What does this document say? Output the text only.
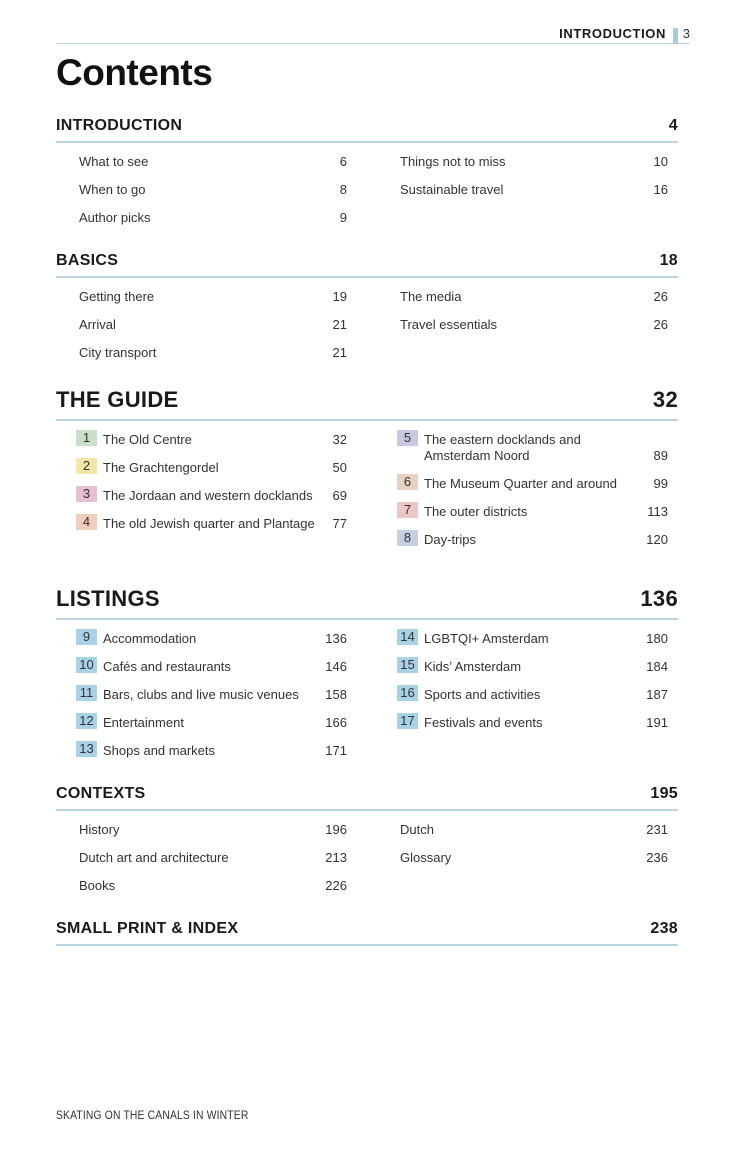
INTRODUCTION 3
Contents
INTRODUCTION	4
What to see	6
When to go	8
Author picks	9
Things not to miss	10
Sustainable travel	16
BASICS	18
Getting there	19
Arrival	21
City transport	21
The media	26
Travel essentials	26
THE GUIDE	32
1 The Old Centre	32
2 The Grachtengordel	50
3 The Jordaan and western docklands 69
4 The old Jewish quarter and Plantage 77
5 The eastern docklands and
Amsterdam Noord	89
6 The Museum Quarter and around	99
7 The outer districts	113
8 Day-trips	120
LISTINGS	136
9 Accommodation	136
10 Cafés and restaurants	146
11 Bars, clubs and live music venues 158
12 Entertainment	166
13 Shops and markets	171
14 LGBTQI+ Amsterdam	180
15 Kids’ Amsterdam	184
16 Sports and activities	187
17 Festivals and events	191
CONTEXTS	195
History	196
Dutch art and architecture	213
Books	226
Dutch	231
Glossary	236
SMALL PRINT & INDEX	238
SKATING ON THE CANALS IN WINTER
